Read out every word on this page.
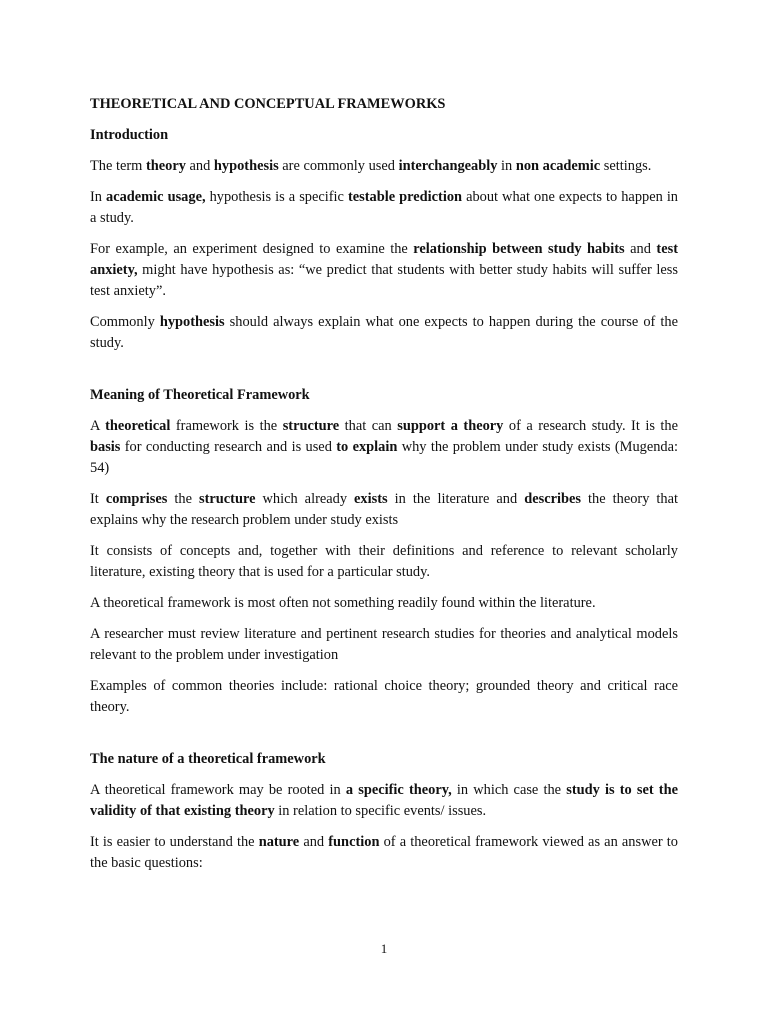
THEORETICAL AND CONCEPTUAL FRAMEWORKS
Introduction

The term theory and hypothesis are commonly used interchangeably in non academic settings.

In academic usage, hypothesis is a specific testable prediction about what one expects to happen in a study.

For example, an experiment designed to examine the relationship between study habits and test anxiety, might have hypothesis as: “we predict that students with better study habits will suffer less test anxiety”.

Commonly hypothesis should always explain what one expects to happen during the course of the study.

Meaning of Theoretical Framework

A theoretical framework is the structure that can support a theory of a research study. It is the basis for conducting research and is used to explain why the problem under study exists (Mugenda: 54)

It comprises the structure which already exists in the literature and describes the theory that explains why the research problem under study exists

It consists of concepts and, together with their definitions and reference to relevant scholarly literature, existing theory that is used for a particular study.

A theoretical framework is most often not something readily found within the literature.

A researcher must review literature and pertinent research studies for theories and analytical models relevant to the problem under investigation

Examples of common theories include: rational choice theory; grounded theory and critical race theory.

The nature of a theoretical framework

A theoretical framework may be rooted in a specific theory, in which case the study is to set the validity of that existing theory in relation to specific events/ issues.

It is easier to understand the nature and function of a theoretical framework viewed as an answer to the basic questions:

1
